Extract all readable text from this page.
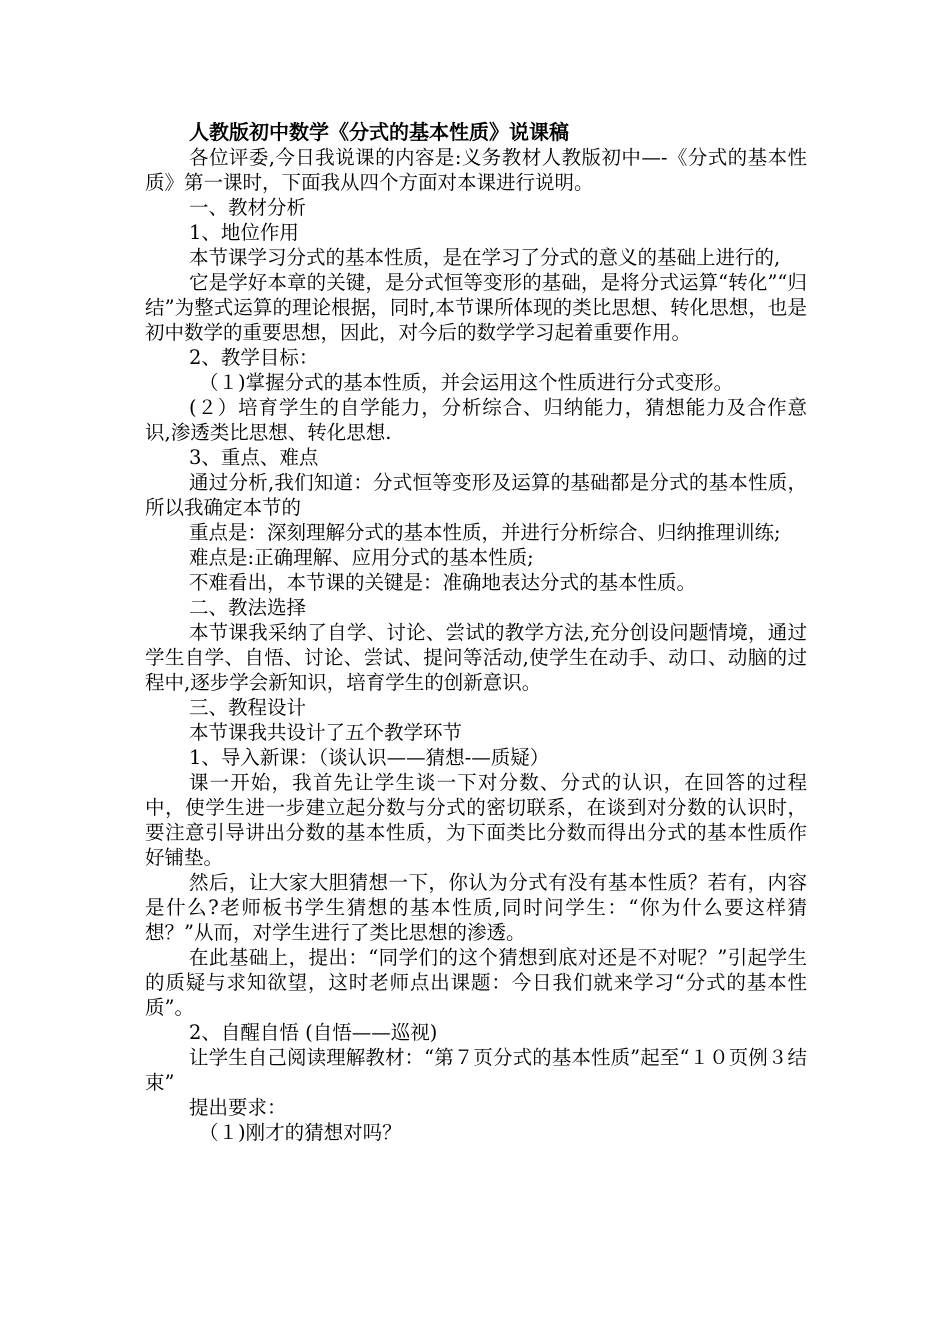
人教版初中数学《分式的基本性质》说课稿
各位评委,今日我说课的内容是:义务教材人教版初中—-《分式的基本性质》第一课时，下面我从四个方面对本课进行说明。
一、教材分析
1、地位作用
本节课学习分式的基本性质，是在学习了分式的意义的基础上进行的,
它是学好本章的关键，是分式恒等变形的基础，是将分式运算“转化”“归结”为整式运算的理论根据，同时,本节课所体现的类比思想、转化思想，也是初中数学的重要思想，因此，对今后的数学学习起着重要作用。
2、教学目标：
（１)掌握分式的基本性质，并会运用这个性质进行分式变形。
(２）培育学生的自学能力，分析综合、归纳能力，猜想能力及合作意识,渗透类比思想、转化思想.
3、重点、难点
通过分析,我们知道：分式恒等变形及运算的基础都是分式的基本性质，所以我确定本节的
重点是：深刻理解分式的基本性质，并进行分析综合、归纳推理训练;
难点是:正确理解、应用分式的基本性质;
不难看出，本节课的关键是：准确地表达分式的基本性质。
二、教法选择
本节课我采纳了自学、讨论、尝试的教学方法,充分创设问题情境，通过学生自学、自悟、讨论、尝试、提问等活动,使学生在动手、动口、动脑的过程中,逐步学会新知识，培育学生的创新意识。
三、教程设计
本节课我共设计了五个教学环节
1、导入新课：（谈认识——猜想-—质疑）
课一开始，我首先让学生谈一下对分数、分式的认识，在回答的过程中，使学生进一步建立起分数与分式的密切联系，在谈到对分数的认识时，要注意引导讲出分数的基本性质，为下面类比分数而得出分式的基本性质作好铺垫。
然后，让大家大胆猜想一下，你认为分式有没有基本性质？若有，内容是什么?老师板书学生猜想的基本性质,同时问学生：“你为什么要这样猜想？”从而，对学生进行了类比思想的渗透。
在此基础上，提出：“同学们的这个猜想到底对还是不对呢？”引起学生的质疑与求知欲望，这时老师点出课题：今日我们就来学习“分式的基本性质”。
2、自醒自悟 (自悟——巡视)
让学生自己阅读理解教材：“第７页分式的基本性质”起至“１０页例３结束”
提出要求：
（１)刚才的猜想对吗？
